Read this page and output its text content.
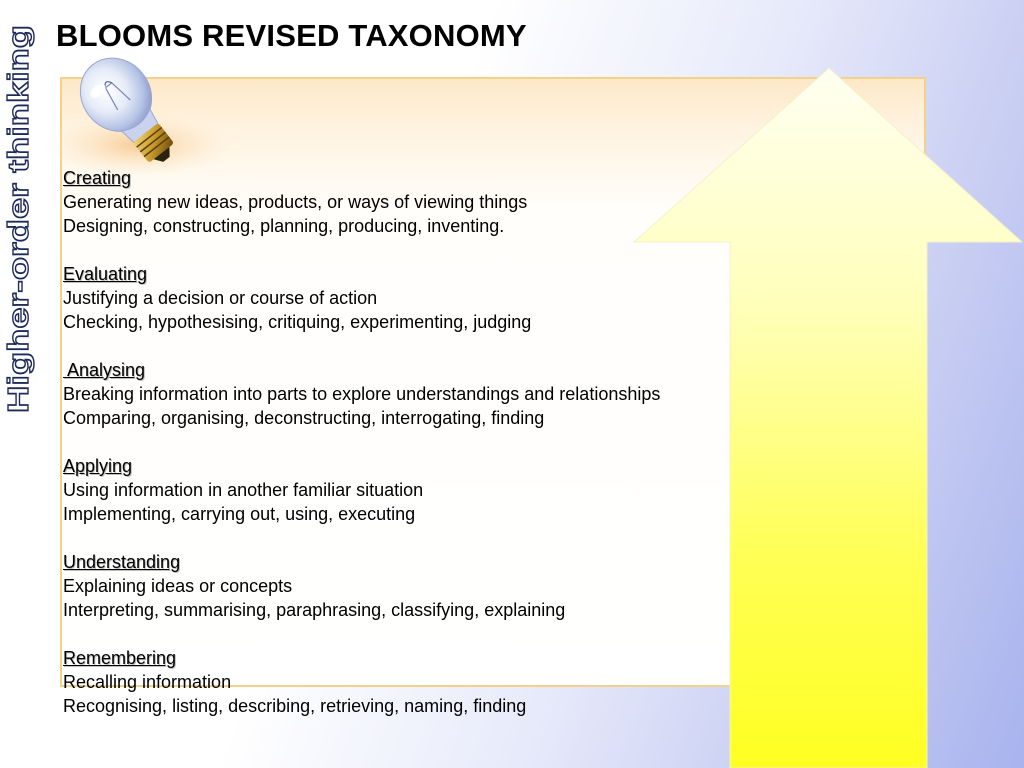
Higher-order thinking
BLOOMS REVISED TAXONOMY
Creating
Generating new ideas, products, or ways of viewing things
Designing, constructing, planning, producing, inventing.
Evaluating
Justifying a decision or course of action
Checking, hypothesising, critiquing, experimenting, judging
Analysing
Breaking information into parts to explore understandings and relationships
Comparing, organising, deconstructing, interrogating, finding
Applying
Using information in another familiar situation
Implementing, carrying out, using, executing
Understanding
Explaining ideas or concepts
Interpreting, summarising, paraphrasing, classifying, explaining
Remembering
Recalling information
Recognising, listing, describing, retrieving, naming, finding
